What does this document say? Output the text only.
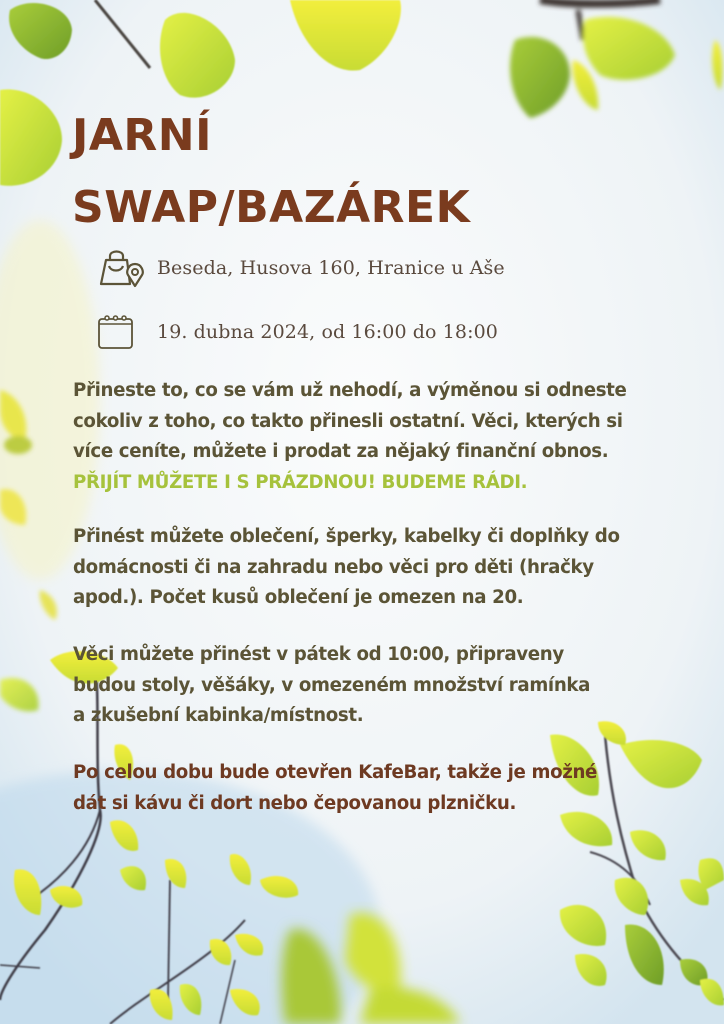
JARNÍ
SWAP/BAZÁREK
Beseda, Husova 160, Hranice u Aše
19. dubna 2024, od 16:00 do 18:00

Přineste to, co se vám už nehodí, a výměnou si odneste
cokoliv z toho, co takto přinesli ostatní. Věci, kterých si
více ceníte, můžete i prodat za nějaký finanční obnos.
PŘIJÍT MŮŽETE I S PRÁZDNOU! BUDEME RÁDI.

Přinést můžete oblečení, šperky, kabelky či doplňky do
domácnosti či na zahradu nebo věci pro děti (hračky
apod.). Počet kusů oblečení je omezen na 20.

Věci můžete přinést v pátek od 10:00, připraveny
budou stoly, věšáky, v omezeném množství ramínka
a zkušební kabinka/místnost.

Po celou dobu bude otevřen KafeBar, takže je možné
dát si kávu či dort nebo čepovanou plzničku.
